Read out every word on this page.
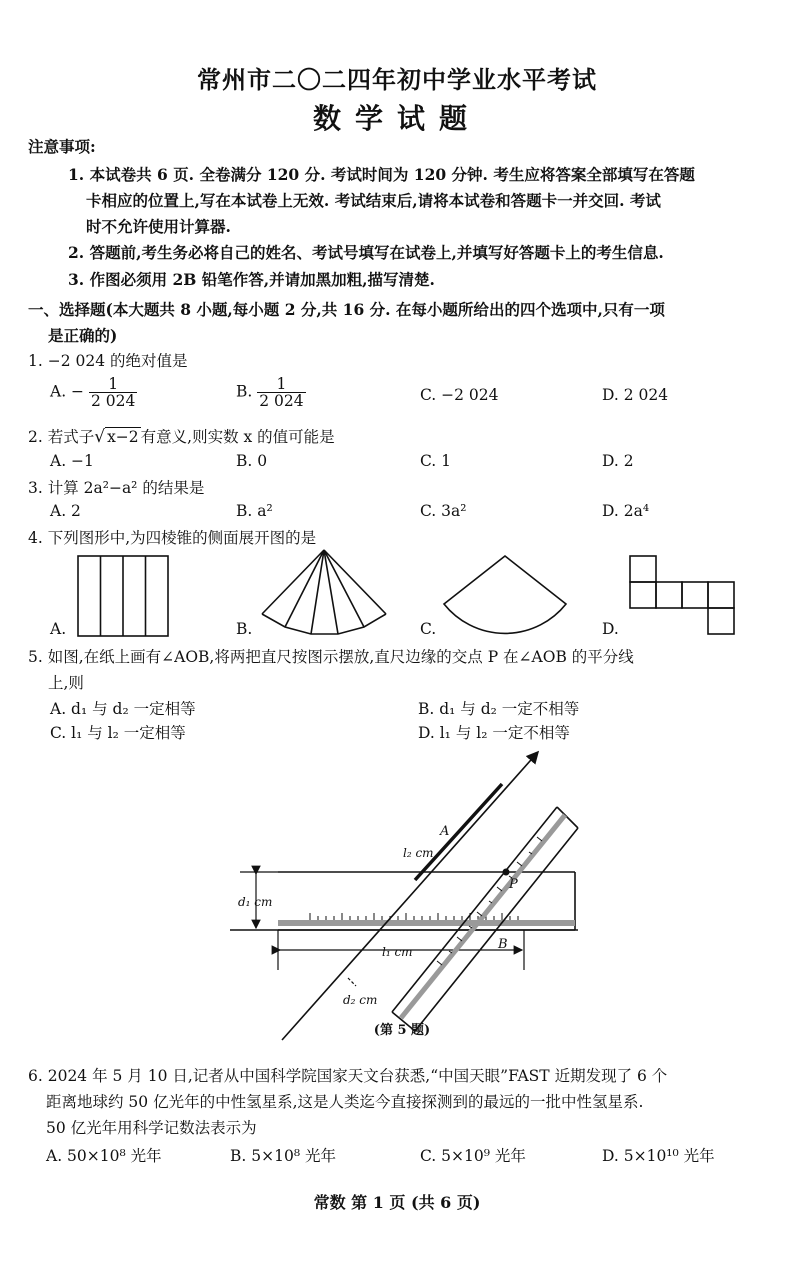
常州市二〇二四年初中学业水平考试
数学试题
注意事项:
1. 本试卷共 6 页. 全卷满分 120 分. 考试时间为 120 分钟. 考生应将答案全部填写在答题
卡相应的位置上,写在本试卷上无效. 考试结束后,请将本试卷和答题卡一并交回. 考试
时不允许使用计算器.
2. 答题前,考生务必将自己的姓名、考试号填写在试卷上,并填写好答题卡上的考生信息.
3. 作图必须用 2B 铅笔作答,并请加黑加粗,描写清楚.
一、选择题(本大题共 8 小题,每小题 2 分,共 16 分. 在每小题所给出的四个选项中,只有一项
是正确的)
1. −2 024 的绝对值是
A. − $\frac{1}{2 024}$	B. $\frac{1}{2 024}$	C. −2 024	D. 2 024
2. 若式子√ x−2 有意义,则实数 x 的值可能是
A. −1	B. 0	C. 1	D. 2
3. 计算 2a²−a² 的结果是
A. 2	B. a²	C. 3a²	D. 2a⁴
4. 下列图形中,为四棱锥的侧面展开图的是
A.	B.	C.	D.
5. 如图,在纸上画有∠AOB,将两把直尺按图示摆放,直尺边缘的交点 P 在∠AOB 的平分线
上,则
A. d₁ 与 d₂ 一定相等	B. d₁ 与 d₂ 一定不相等
C. l₁ 与 l₂ 一定相等	D. l₁ 与 l₂ 一定不相等
A
B
P
l₂ cm
d₁ cm
l₁ cm
d₂ cm
(第 5 题)
6. 2024 年 5 月 10 日,记者从中国科学院国家天文台获悉,“中国天眼”FAST 近期发现了 6 个
距离地球约 50 亿光年的中性氢星系,这是人类迄今直接探测到的最远的一批中性氢星系.
50 亿光年用科学记数法表示为
A. 50×10⁸ 光年	B. 5×10⁸ 光年	C. 5×10⁹ 光年	D. 5×10¹⁰ 光年
常数 第 1 页 (共 6 页)
